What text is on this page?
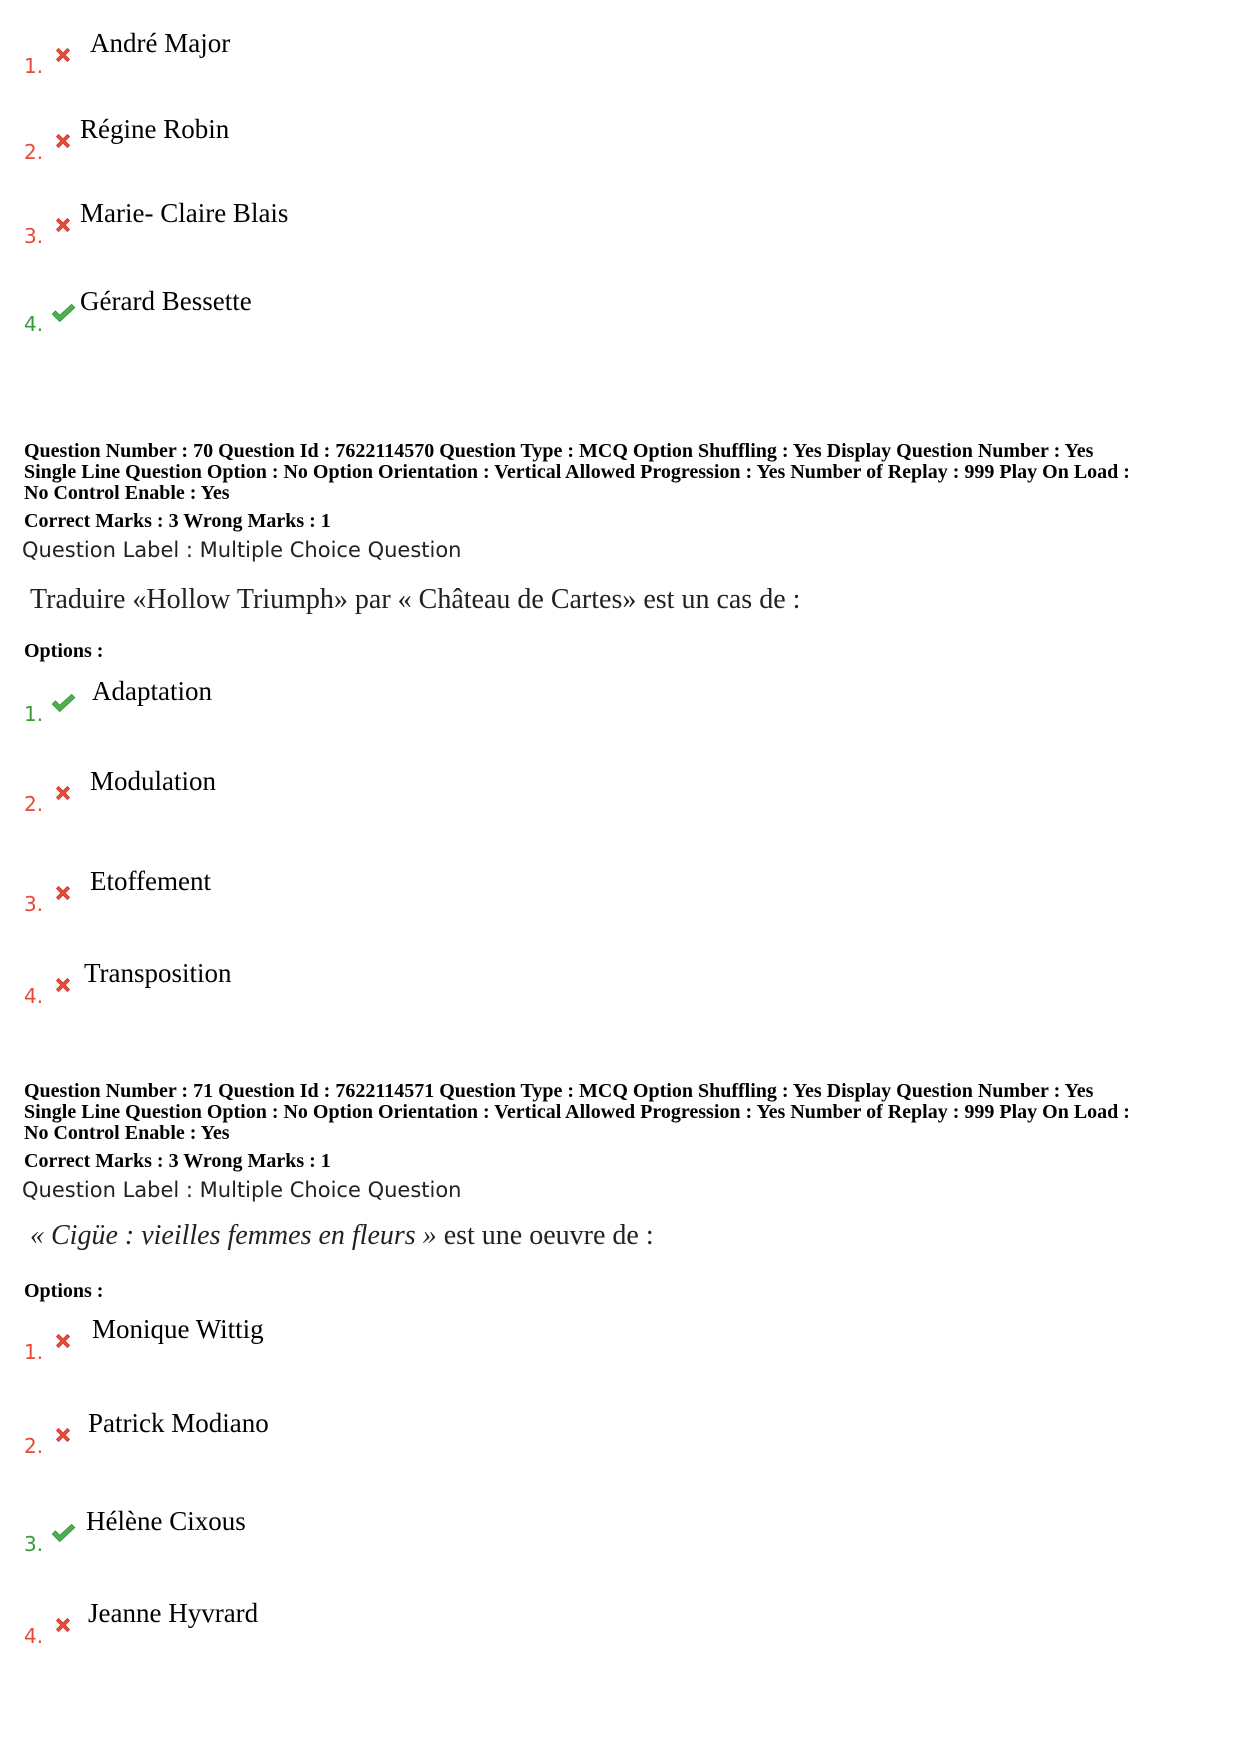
1.
André Major
2.
Régine Robin
3.
Marie- Claire Blais
4.
Gérard Bessette
Question Number : 70 Question Id : 7622114570 Question Type : MCQ Option Shuffling : Yes Display Question Number : Yes
Single Line Question Option : No Option Orientation : Vertical Allowed Progression : Yes Number of Replay : 999 Play On Load :
No Control Enable : Yes
Correct Marks : 3 Wrong Marks : 1
Question Label : Multiple Choice Question
Traduire «Hollow Triumph» par « Château de Cartes» est un cas de :
Options :
1.
Adaptation
2.
Modulation
3.
Etoffement
4.
Transposition
Question Number : 71 Question Id : 7622114571 Question Type : MCQ Option Shuffling : Yes Display Question Number : Yes
Single Line Question Option : No Option Orientation : Vertical Allowed Progression : Yes Number of Replay : 999 Play On Load :
No Control Enable : Yes
Correct Marks : 3 Wrong Marks : 1
Question Label : Multiple Choice Question
« Cigüe : vieilles femmes en fleurs » est une oeuvre de :
Options :
1.
Monique Wittig
2.
Patrick Modiano
3.
Hélène Cixous
4.
Jeanne Hyvrard
